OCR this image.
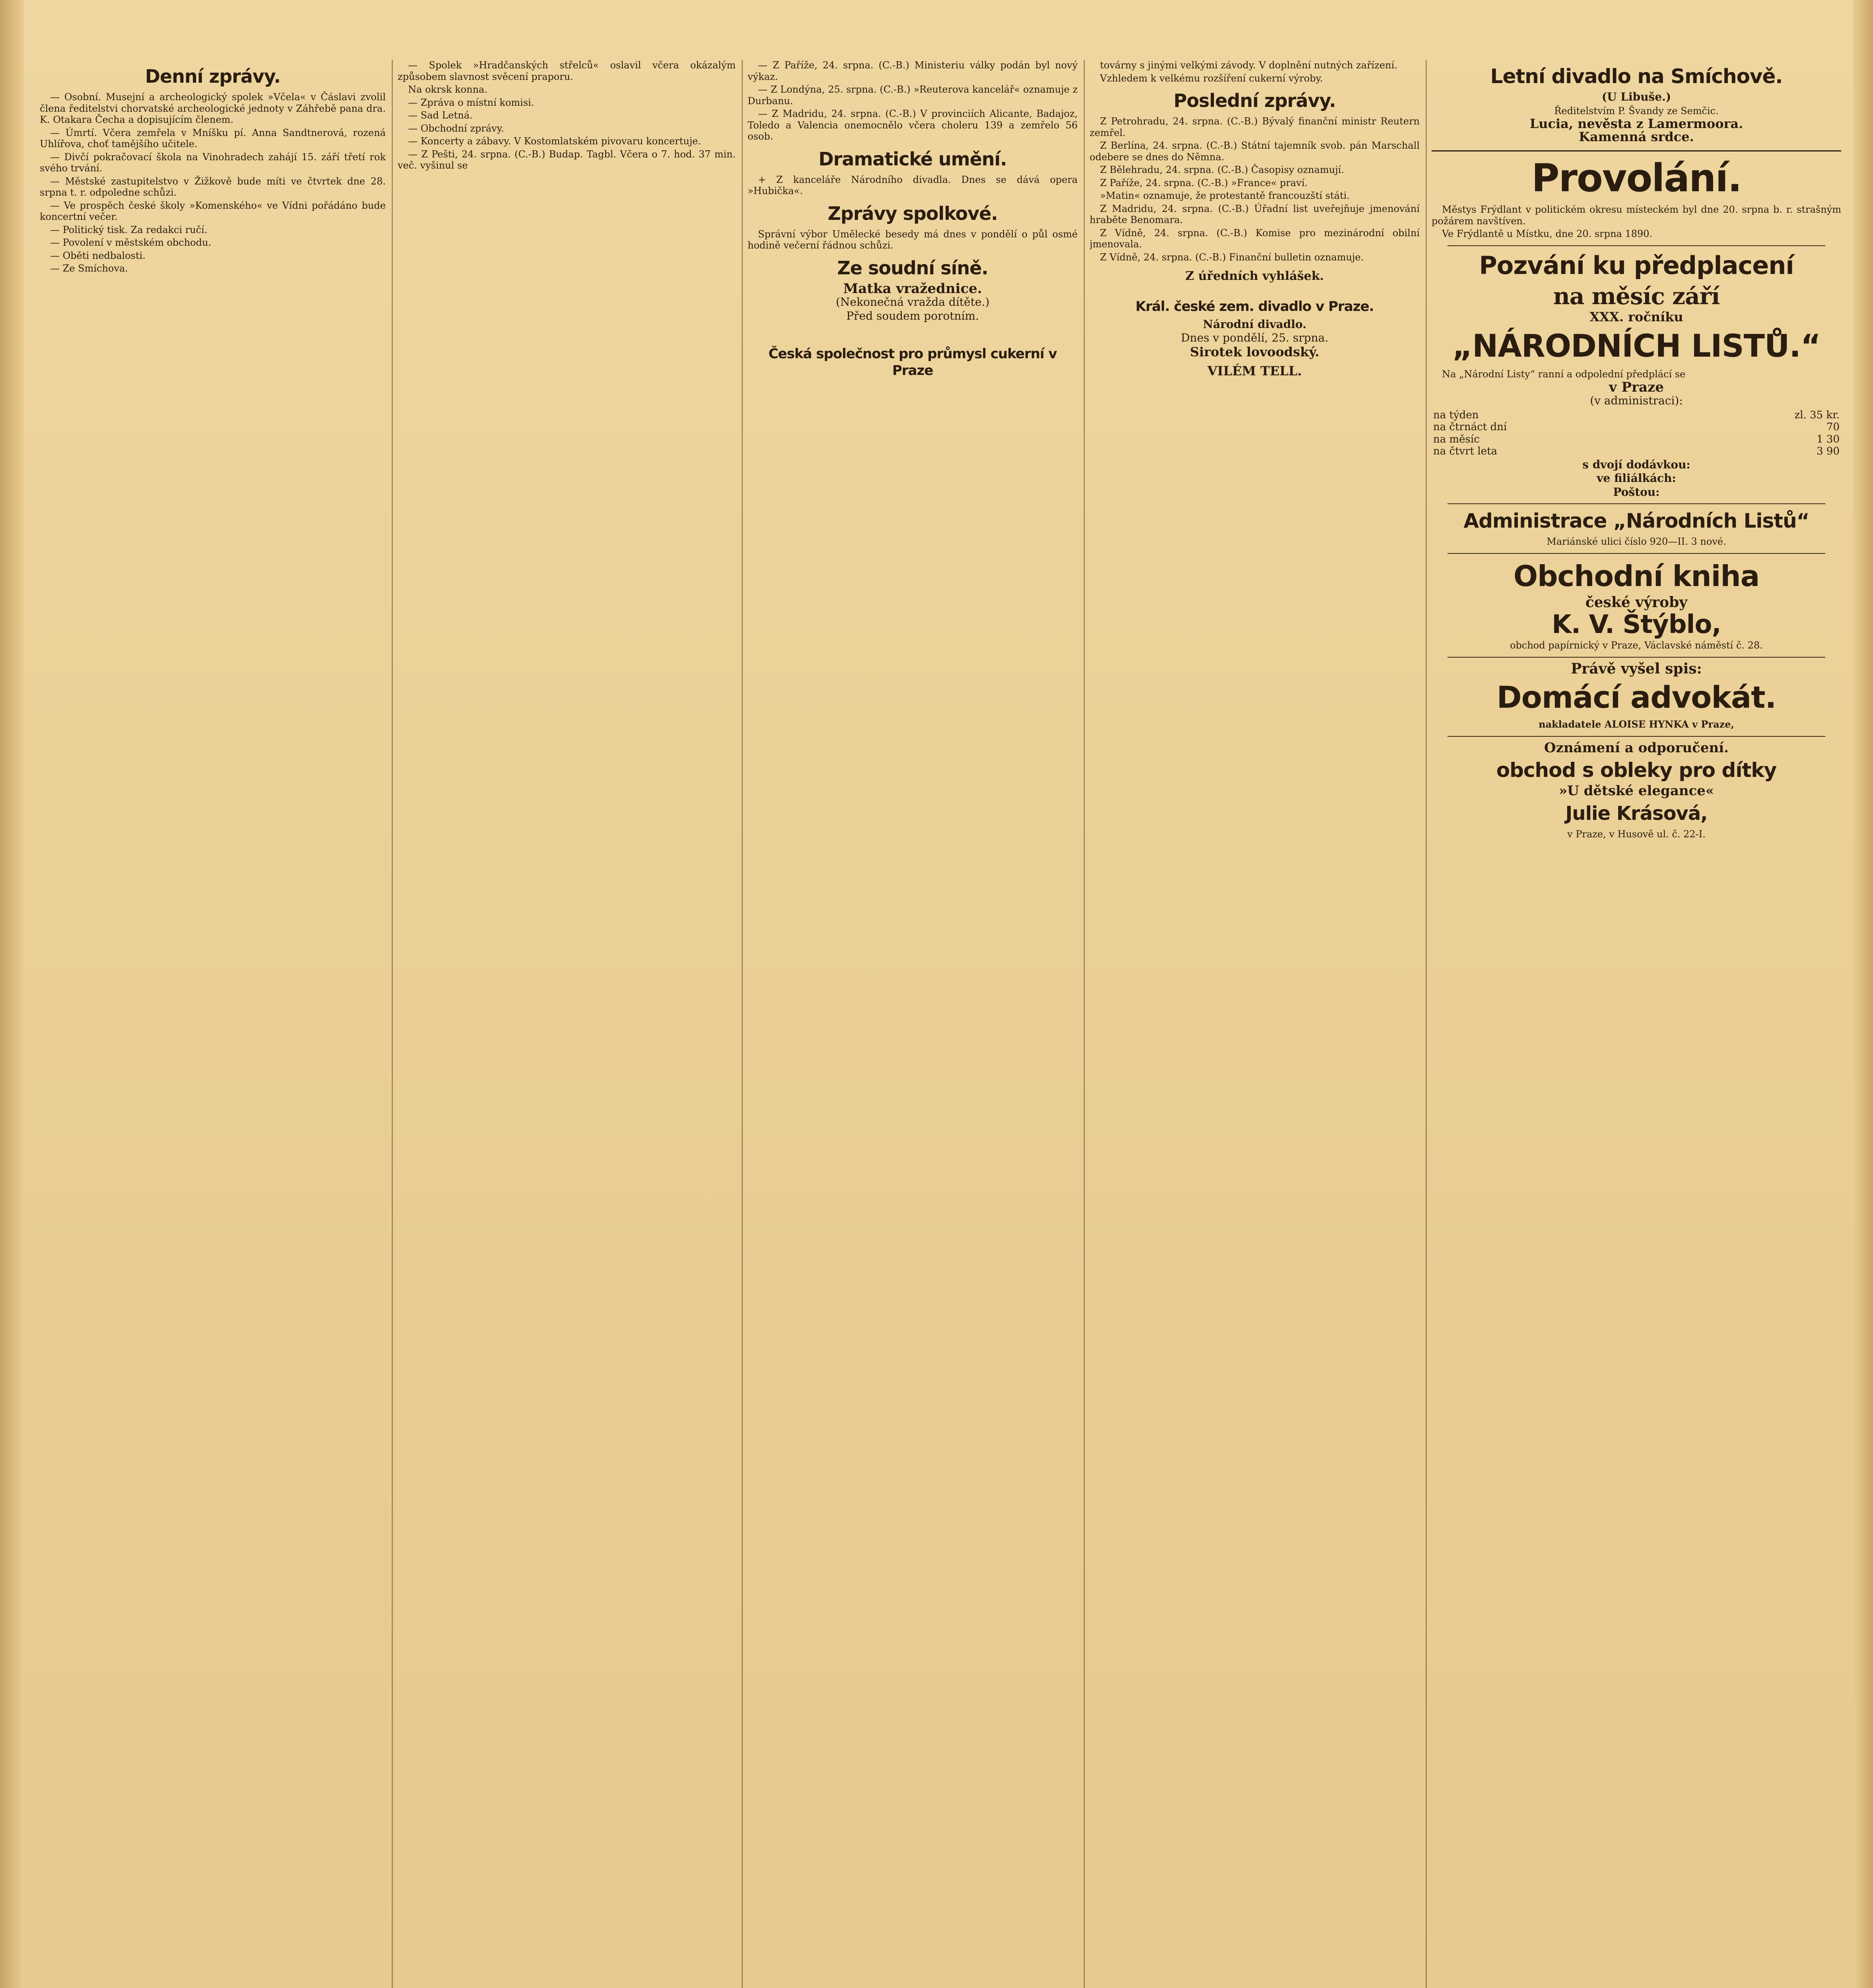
Denní zprávy.

— Osobní. Musejní a archeologický spolek »Včela« v Čáslavi zvolil člena ředitelstvi chorvatské archeologické jednoty v Záhřebě pana dra. K. Otakara Čecha a dopisujícím členem.

— Úmrtí. Včera zemřela v Mníšku pí. Anna Sandtnerová, rozená Uhlířova, choť tamějšího učitele.

— Divčí pokračovací škola na Vinohradech zahájí 15. září třetí rok svého trvání.

— Městské zastupitelstvo v Žižkově bude míti ve čtvrtek dne 28. srpna t. r. odpoledne schůzi.

— Ve prospěch české školy »Komenského« ve Vídni pořádáno bude koncertní večer.

— Politický tisk. Za redakci ručí.

— Povolení v městském obchodu.

— Oběti nedbalosti.

— Ze Smíchova.

— Spolek »Hradčanských střelců« oslavil včera okázalým způsobem slavnost svěcení praporu.

Na okrsk konna.

— Zpráva o místní komisi.

— Sad Letná.

— Obchodní zprávy.

— Koncerty a zábavy. V Kostomlatském pivovaru koncertuje.

— Z Pešti, 24. srpna. (C.-B.) Budap. Tagbl. Včera o 7. hod. 37 min. več. vyšinul se

— Z Paříže, 24. srpna. (C.-B.) Ministeriu války podán byl nový výkaz.

— Z Londýna, 25. srpna. (C.-B.) »Reuterova kancelář« oznamuje z Durbanu.

— Z Madridu, 24. srpna. (C.-B.) V provinciích Alicante, Badajoz, Toledo a Valencia onemocnělo včera choleru 139 a zemřelo 56 osob.

Dramatické umění.

+ Z kanceláře Národního divadla. Dnes se dává opera »Hubička«.

Zprávy spolkové.

Správní výbor Umělecké besedy má dnes v pondělí o půl osmé hodině večerní řádnou schůzi.

Ze soudní síně.
Matka vražednice.
(Nekonečná vražda dítěte.)
Před soudem porotním.
Česká společnost pro průmysl cukerní v Praze

továrny s jinými velkými závody. V doplnění nutných zařízení.

Vzhledem k velkému rozšíření cukerní výroby.

Poslední zprávy.

Z Petrohradu, 24. srpna. (C.-B.) Bývalý finanční ministr Reutern zemřel.

Z Berlína, 24. srpna. (C.-B.) Státní tajemník svob. pán Marschall odebere se dnes do Němna.

Z Bělehradu, 24. srpna. (C.-B.) Časopisy oznamují.

Z Paříže, 24. srpna. (C.-B.) »France« praví.

»Matin« oznamuje, že protestantě francouzští státi.

Z Madridu, 24. srpna. (C.-B.) Úřadní list uveřejňuje jmenování hraběte Benomara.

Z Vídně, 24. srpna. (C.-B.) Komise pro mezinárodní obilní jmenovala.

Z Vídně, 24. srpna. (C.-B.) Finanční bulletin oznamuje.

Z úředních vyhlášek.
Král. české zem. divadlo v Praze.
Národní divadlo.
Dnes v pondělí, 25. srpna.
Sirotek lovoodský.
VILÉM TELL.
Letní divadlo na Smíchově.
(U Libuše.)

Ředitelstvím P. Švandy ze Semčic.

Lucia, nevěsta z Lamermoora.

Kamenná srdce.

Provolání.

Městys Frýdlant v politickém okresu místeckém byl dne 20. srpna b. r. strašným požárem navštíven.

Ve Frýdlantě u Místku, dne 20. srpna 1890.

Pozvání ku předplacení
na měsíc září
XXX. ročníku
„NÁRODNÍCH LISTŮ.“

Na „Národní Listy“ ranní a odpolední předplácí se

v Praze
(v administraci):
na týden	zl. 35 kr.
na čtrnáct dní	70
na měsíc	1 30
na čtvrt leta	3 90
s dvojí dodávkou:
ve filiálkách:
Poštou:
Administrace „Národních Listů“

Mariánské ulici číslo 920—II. 3 nové.

Obchodní kniha
české výroby
K. V. Štýblo,

obchod papírnický v Praze, Václavské náměstí č. 28.

Právě vyšel spis:
Domácí advokát.

nakladatele ALOISE HYNKA v Praze,

Oznámení a odporučení.
obchod s obleky pro dítky
»U dětské elegance«
Julie Krásová,

v Praze, v Husově ul. č. 22-I.
